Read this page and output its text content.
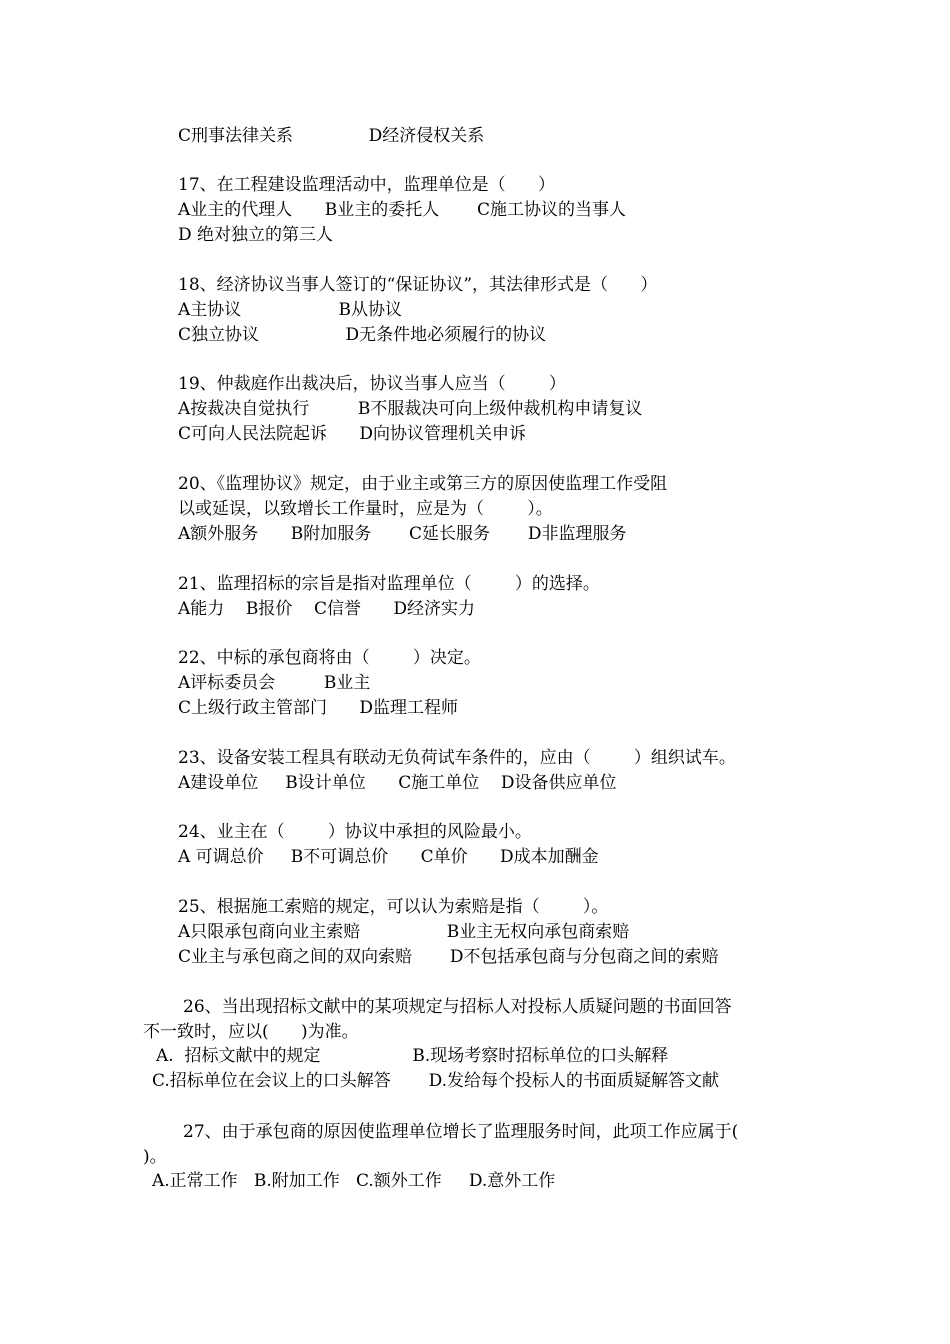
C刑事法律关系              D经济侵权关系
17、在工程建设监理活动中，监理单位是（      ）
A业主的代理人      B业主的委托人       C施工协议的当事人
D 绝对独立的第三人
18、经济协议当事人签订的“保证协议”，其法律形式是（      ）
A主协议                  B从协议
C独立协议                D无条件地必须履行的协议
19、仲裁庭作出裁决后，协议当事人应当（        ）
A按裁决自觉执行         B不服裁决可向上级仲裁机构申请复议
C可向人民法院起诉      D向协议管理机关申诉
20、《监理协议》规定，由于业主或第三方的原因使监理工作受阻
以或延误，以致增长工作量时，应是为（        ）。
A额外服务      B附加服务       C延长服务       D非监理服务
21、监理招标的宗旨是指对监理单位（        ）的选择。
A能力    B报价    C信誉      D经济实力
22、中标的承包商将由（        ）决定。
A评标委员会         B业主
C上级行政主管部门      D监理工程师
23、设备安装工程具有联动无负荷试车条件的，应由（        ）组织试车。
A建设单位     B设计单位      C施工单位    D设备供应单位
24、业主在（        ）协议中承担的风险最小。
A 可调总价     B不可调总价      C单价      D成本加酬金
25、根据施工索赔的规定，可以认为索赔是指（        ）。
A只限承包商向业主索赔                B业主无权向承包商索赔
C业主与承包商之间的双向索赔       D不包括承包商与分包商之间的索赔
26、当出现招标文献中的某项规定与招标人对投标人质疑问题的书面回答
不一致时，应以(      )为准。
A.  招标文献中的规定                 B.现场考察时招标单位的口头解释
C.招标单位在会议上的口头解答       D.发给每个投标人的书面质疑解答文献
27、由于承包商的原因使监理单位增长了监理服务时间，此项工作应属于(
)。
A.正常工作   B.附加工作   C.额外工作     D.意外工作
